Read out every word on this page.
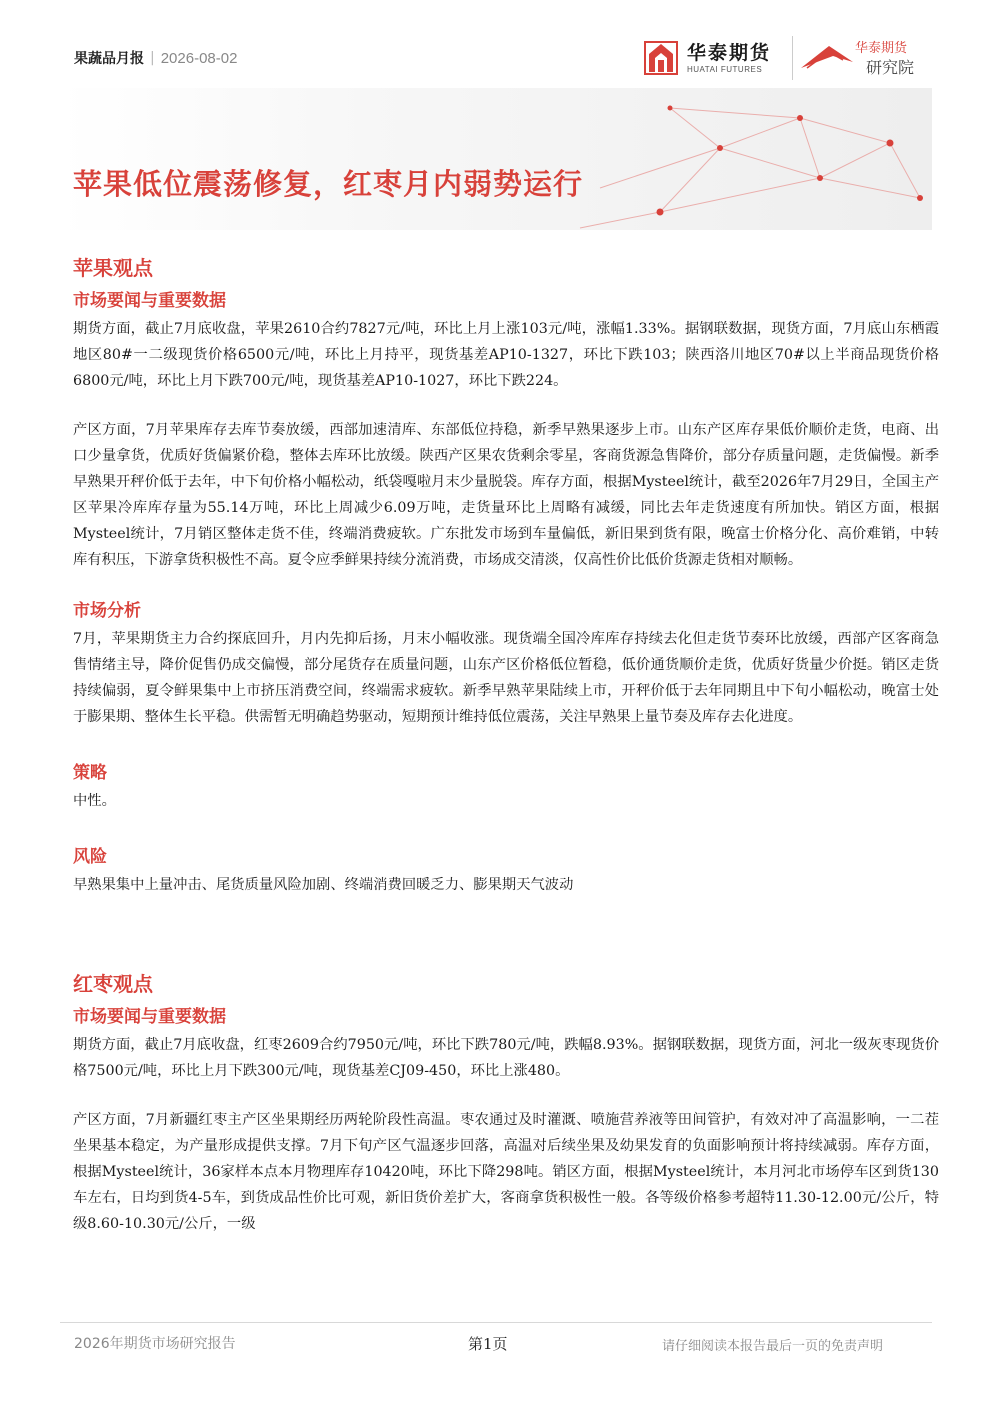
果蔬品月报 | 2026-08-02	华泰期货
HUATAI FUTURES
华泰期货
研究院
苹果低位震荡修复，红枣月内弱势运行
苹果观点
市场要闻与重要数据

期货方面，截止7月底收盘，苹果2610合约7827元/吨，环比上月上涨103元/吨，涨幅1.33%。据钢联数据，现货方面，7月底山东栖霞地区80#一二级现货价格6500元/吨，环比上月持平，现货基差AP10-1327，环比下跌103；陕西洛川地区70#以上半商品现货价格6800元/吨，环比上月下跌700元/吨，现货基差AP10-1027，环比下跌224。

产区方面，7月苹果库存去库节奏放缓，西部加速清库、东部低位持稳，新季早熟果逐步上市。山东产区库存果低价顺价走货，电商、出口少量拿货，优质好货偏紧价稳，整体去库环比放缓。陕西产区果农货剩余零星，客商货源急售降价，部分存质量问题，走货偏慢。新季早熟果开秤价低于去年，中下旬价格小幅松动，纸袋嘎啦月末少量脱袋。库存方面，根据Mysteel统计，截至2026年7月29日，全国主产区苹果冷库库存量为55.14万吨，环比上周减少6.09万吨，走货量环比上周略有减缓，同比去年走货速度有所加快。销区方面，根据Mysteel统计，7月销区整体走货不佳，终端消费疲软。广东批发市场到车量偏低，新旧果到货有限，晚富士价格分化、高价难销，中转库有积压，下游拿货积极性不高。夏令应季鲜果持续分流消费，市场成交清淡，仅高性价比低价货源走货相对顺畅。

市场分析

7月，苹果期货主力合约探底回升，月内先抑后扬，月末小幅收涨。现货端全国冷库库存持续去化但走货节奏环比放缓，西部产区客商急售情绪主导，降价促售仍成交偏慢，部分尾货存在质量问题，山东产区价格低位暂稳，低价通货顺价走货，优质好货量少价挺。销区走货持续偏弱，夏令鲜果集中上市挤压消费空间，终端需求疲软。新季早熟苹果陆续上市，开秤价低于去年同期且中下旬小幅松动，晚富士处于膨果期、整体生长平稳。供需暂无明确趋势驱动，短期预计维持低位震荡，关注早熟果上量节奏及库存去化进度。

策略

中性。

风险

早熟果集中上量冲击、尾货质量风险加剧、终端消费回暖乏力、膨果期天气波动

红枣观点
市场要闻与重要数据

期货方面，截止7月底收盘，红枣2609合约7950元/吨，环比下跌780元/吨，跌幅8.93%。据钢联数据，现货方面，河北一级灰枣现货价格7500元/吨，环比上月下跌300元/吨，现货基差CJ09-450，环比上涨480。

产区方面，7月新疆红枣主产区坐果期经历两轮阶段性高温。枣农通过及时灌溉、喷施营养液等田间管护，有效对冲了高温影响，一二茬坐果基本稳定，为产量形成提供支撑。7月下旬产区气温逐步回落，高温对后续坐果及幼果发育的负面影响预计将持续减弱。库存方面，根据Mysteel统计，36家样本点本月物理库存10420吨，环比下降298吨。销区方面，根据Mysteel统计，本月河北市场停车区到货130车左右，日均到货4-5车，到货成品性价比可观，新旧货价差扩大，客商拿货积极性一般。各等级价格参考超特11.30-12.00元/公斤，特级8.60-10.30元/公斤，一级

2026年期货市场研究报告	第1页	请仔细阅读本报告最后一页的免责声明
